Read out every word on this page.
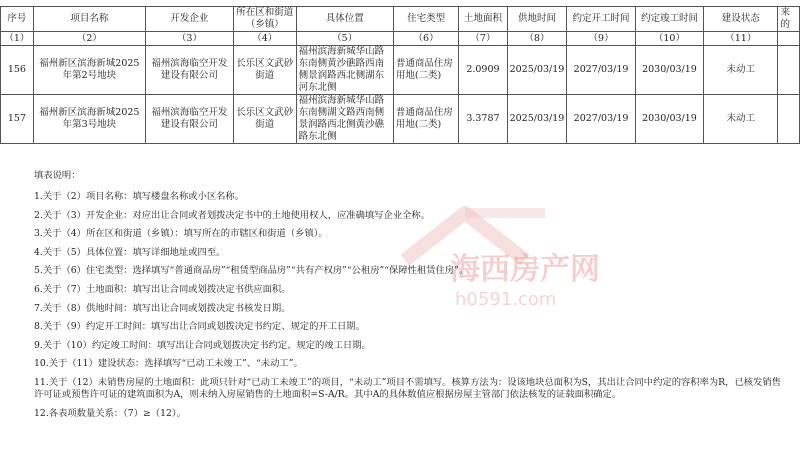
海西房产网
h0591.com
序号	项目名称	开发企业	所在区和街道（乡镇）	具体位置	住宅类型	土地面积	供地时间	约定开工时间	约定竣工时间	建设状态	来的
（1）	（2）	（3）	（4）	（5）	（6）	（7）	（8）	（9）	（10）	（11）	
156	福州新区滨海新城2025年第2号地块	福州滨海临空开发建设有限公司	长乐区文武砂街道	福州滨海新城华山路东南侧黄沙礁路西南侧景润路西北侧湖东河东北侧	普通商品住房用地(二类)	2.0909	2025/03/19	2027/03/19	2030/03/19	未动工	
157	福州新区滨海新城2025年第3号地块	福州滨海临空开发建设有限公司	长乐区文武砂街道	福州滨海新城华山路东南侧湖文路西南侧景润路西北侧黄沙礁路东北侧	普通商品住房用地(二类)	3.3787	2025/03/19	2027/03/19	2030/03/19	未动工	

填表说明：

1.关于（2）项目名称：填写楼盘名称或小区名称。

2.关于（3）开发企业：对应出让合同或者划拨决定书中的土地使用权人，应准确填写企业全称。

3.关于（4）所在区和街道（乡镇）：填写所在的市辖区和街道（乡镇）。

4.关于（5）具体位置：填写详细地址或四至。

5.关于（6）住宅类型：选择填写“普通商品房”“租赁型商品房”“共有产权房”“公租房”“保障性租赁住房”。

6.关于（7）土地面积：填写出让合同或划拨决定书供应面积。

7.关于（8）供地时间：填写出让合同或划拨决定书核发日期。

8.关于（9）约定开工时间：填写出让合同或划拨决定书约定、规定的开工日期。

9.关于（10）约定竣工时间：填写出让合同或划拨决定书约定、规定的竣工日期。

10.关于（11）建设状态：选择填写“已动工未竣工”、“未动工”。

11.关于（12）未销售房屋的土地面积：此项只针对“已动工未竣工”的项目，“未动工”项目不需填写。核算方法为：设该地块总面积为S，其出让合同中约定的容积率为R，已核发销售许可证或预售许可证的建筑面积为A，则未纳入房屋销售的土地面积=S-A/R。其中A的具体数值应根据房屋主管部门依法核发的证载面积确定。

12.各表项数量关系：（7）≥（12）。
